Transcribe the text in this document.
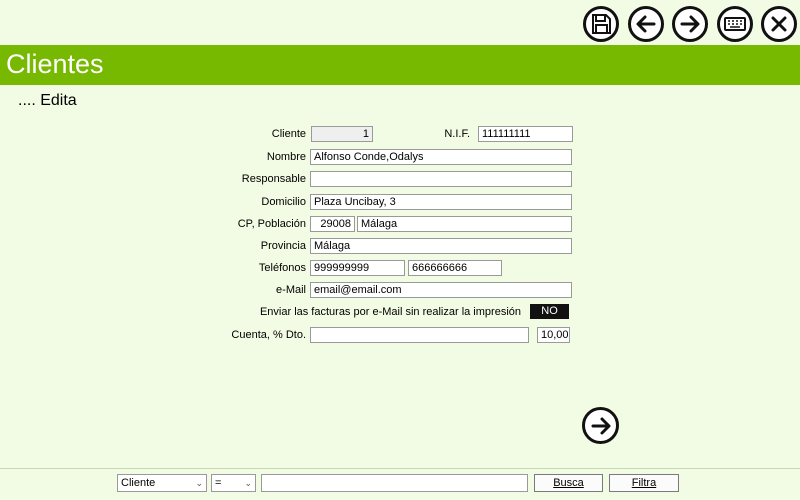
Clientes
.... Edita
Cliente	1	N.I.F.	111111111
Nombre Alfonso Conde,Odalys
Responsable
Domicilio Plaza Uncibay, 3
CP, Población	29008 Málaga
Provincia Málaga
Teléfonos 999999999	666666666
e-Mail email@email.com
Enviar las facturas por e-Mail sin realizar la impresión	NO
Cuenta, % Dto.	10,00
Cliente	⌄	=	⌄	Busca	Filtra
